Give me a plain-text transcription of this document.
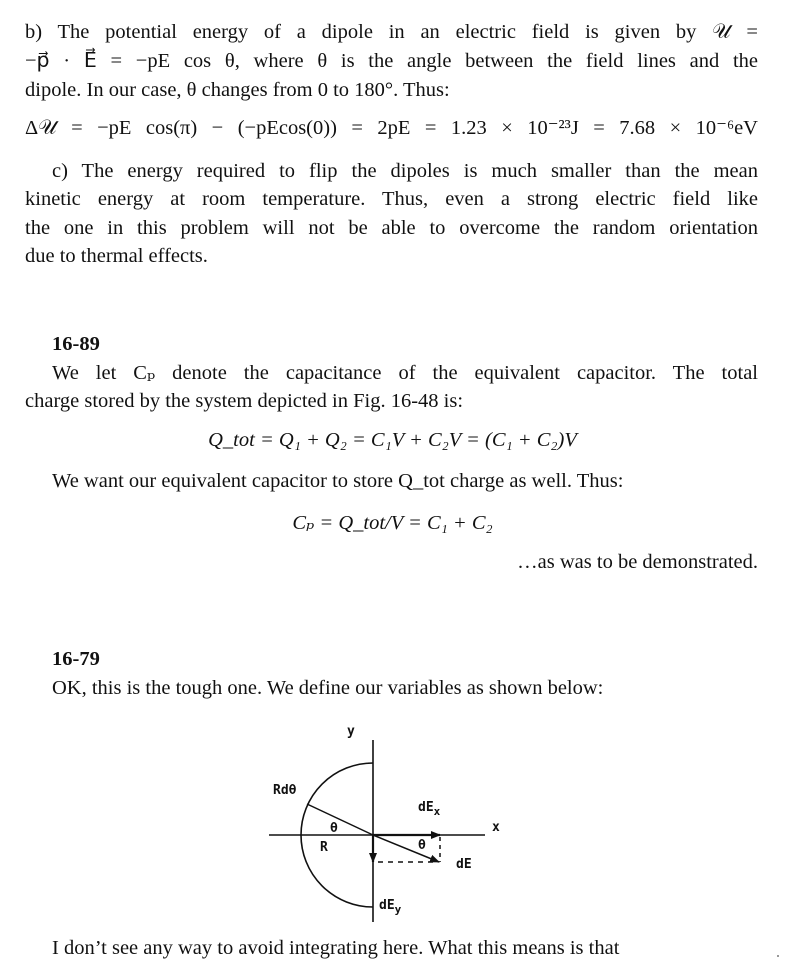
b) The potential energy of a dipole in an electric field is given by 𝒰 =
−p⃗ · E⃗ = −pE cos θ, where θ is the angle between the field lines and the
dipole. In our case, θ changes from 0 to 180°. Thus:
Δ𝒰 = −pE cos(π) − (−pEcos(0)) = 2pE = 1.23 × 10⁻²³J = 7.68 × 10⁻⁶eV
c) The energy required to flip the dipoles is much smaller than the mean
kinetic energy at room temperature. Thus, even a strong electric field like
the one in this problem will not be able to overcome the random orientation
due to thermal effects.
16-89
We let Cₚ denote the capacitance of the equivalent capacitor. The total
charge stored by the system depicted in Fig. 16-48 is:
Q_tot = Q₁ + Q₂ = C₁V + C₂V = (C₁ + C₂)V
We want our equivalent capacitor to store Q_tot charge as well. Thus:
Cₚ = Q_tot/V = C₁ + C₂
…as was to be demonstrated.
16-79
OK, this is the tough one. We define our variables as shown below:
y
x
Rdθ
θ
R	θ
$dE_x$
dE
$dE_y$
I don’t see any way to avoid integrating here. What this means is that
